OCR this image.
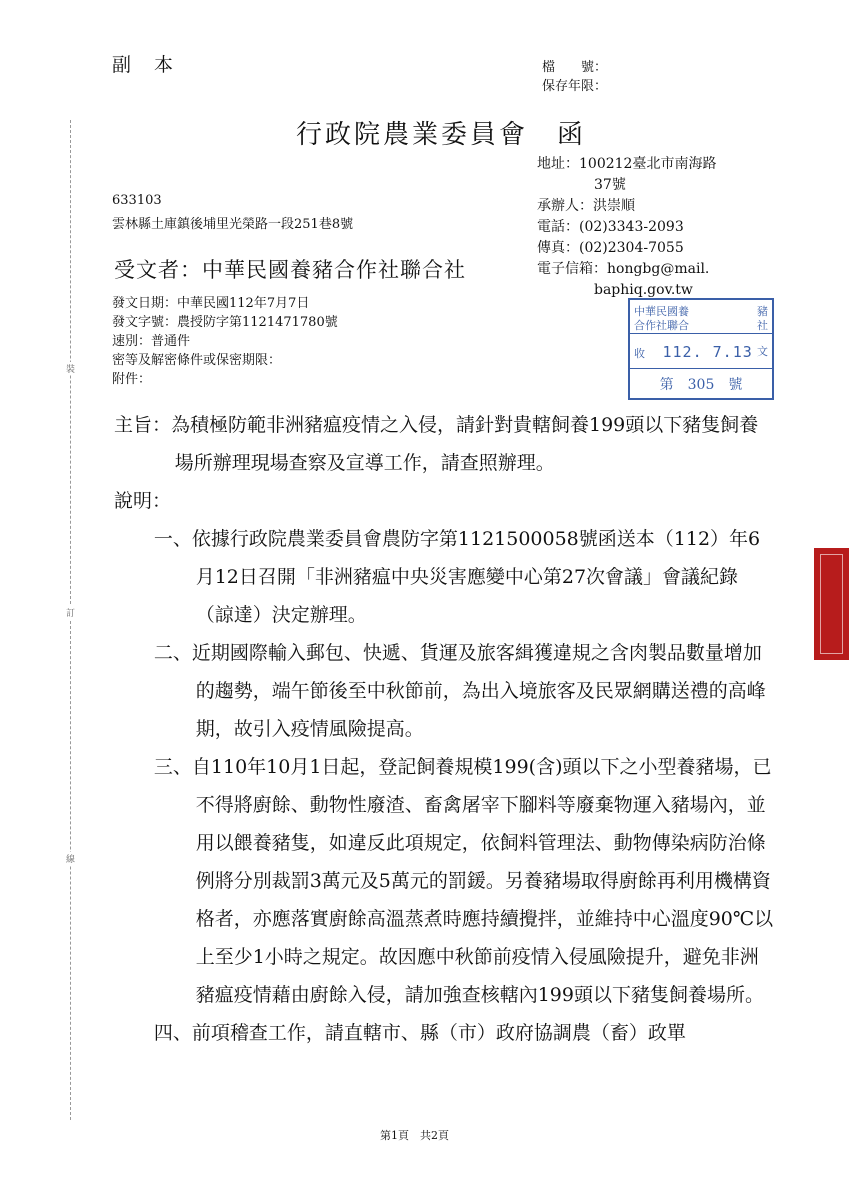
副　本	檔　　號：
保存年限：
行政院農業委員會　函
地址：100212臺北市南海路
37號
承辦人：洪崇順
電話：(02)3343-2093
傳真：(02)2304-7055
電子信箱：hongbg@mail.
baphiq.gov.tw
633103
雲林縣土庫鎮後埔里光榮路一段251巷8號
受文者：中華民國養豬合作社聯合社
發文日期：中華民國112年7月7日
發文字號：農授防字第1121471780號
速別：普通件
密等及解密條件或保密期限：
附件：
裝
訂
線
中華民國養	豬
合作社聯合	社
收 112. 7.13 文
第　305　號

主旨：為積極防範非洲豬瘟疫情之入侵，請針對貴轄飼養199頭以下豬隻飼養場所辦理現場查察及宣導工作，請查照辦理。

說明：

一、依據行政院農業委員會農防字第1121500058號函送本（112）年6月12日召開「非洲豬瘟中央災害應變中心第27次會議」會議紀錄（諒達）決定辦理。

二、近期國際輸入郵包、快遞、貨運及旅客緝獲違規之含肉製品數量增加的趨勢，端午節後至中秋節前，為出入境旅客及民眾網購送禮的高峰期，故引入疫情風險提高。

三、自110年10月1日起，登記飼養規模199(含)頭以下之小型養豬場，已不得將廚餘、動物性廢渣、畜禽屠宰下腳料等廢棄物運入豬場內，並用以餵養豬隻，如違反此項規定，依飼料管理法、動物傳染病防治條例將分別裁罰3萬元及5萬元的罰鍰。另養豬場取得廚餘再利用機構資格者，亦應落實廚餘高溫蒸煮時應持續攪拌，並維持中心溫度90℃以上至少1小時之規定。故因應中秋節前疫情入侵風險提升，避免非洲豬瘟疫情藉由廚餘入侵，請加強查核轄內199頭以下豬隻飼養場所。

四、前項稽查工作，請直轄市、縣（市）政府協調農（畜）政單

第1頁　共2頁
